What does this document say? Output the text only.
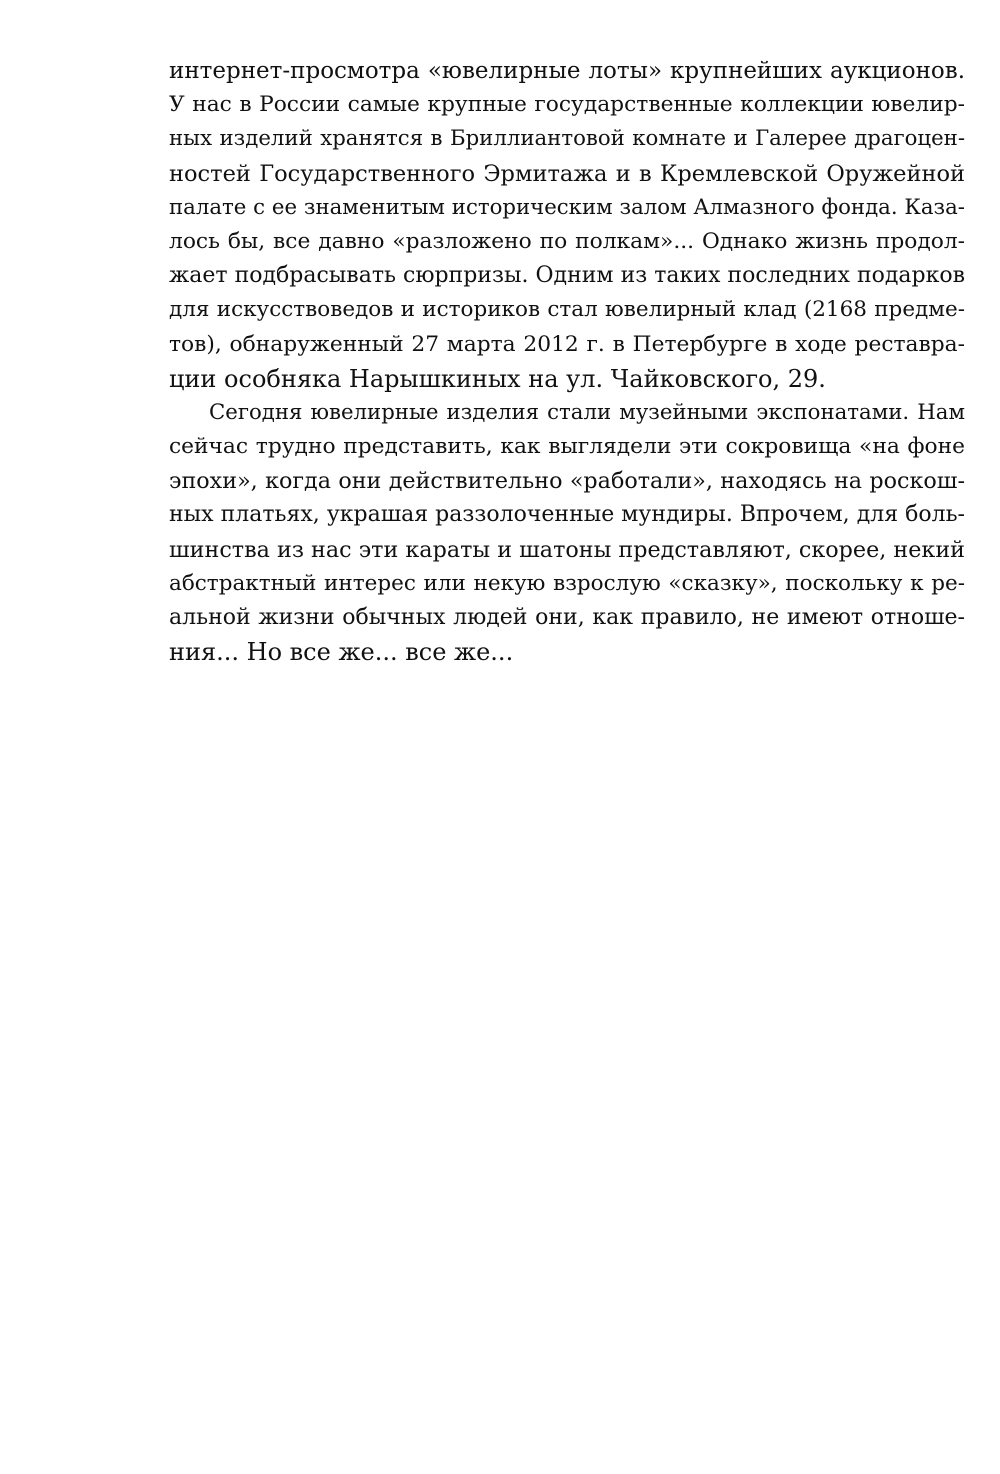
интернет-просмотра «ювелирные лоты» крупнейших аукционов.
У нас в России самые крупные государственные коллекции ювелир-
ных изделий хранятся в Бриллиантовой комнате и Галерее драгоцен-
ностей Государственного Эрмитажа и в Кремлевской Оружейной
палате с ее знаменитым историческим залом Алмазного фонда. Каза-
лось бы, все давно «разложено по полкам»... Однако жизнь продол-
жает подбрасывать сюрпризы. Одним из таких последних подарков
для искусствоведов и историков стал ювелирный клад (2168 предме-
тов), обнаруженный 27 марта 2012 г. в Петербурге в ходе реставра-
ции особняка Нарышкиных на ул. Чайковского, 29.
Сегодня ювелирные изделия стали музейными экспонатами. Нам
сейчас трудно представить, как выглядели эти сокровища «на фоне
эпохи», когда они действительно «работали», находясь на роскош-
ных платьях, украшая раззолоченные мундиры. Впрочем, для боль-
шинства из нас эти караты и шатоны представляют, скорее, некий
абстрактный интерес или некую взрослую «сказку», поскольку к ре-
альной жизни обычных людей они, как правило, не имеют отноше-
ния... Но все же... все же...
